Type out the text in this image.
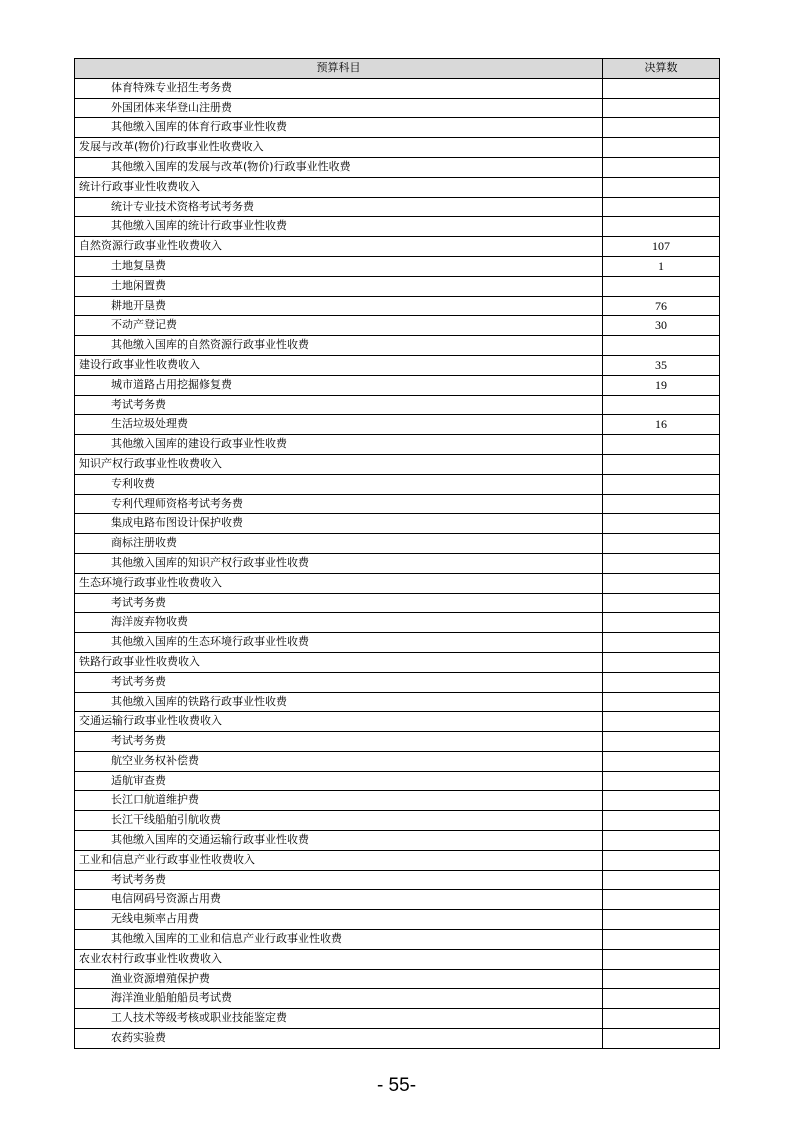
预算科目	决算数
体育特殊专业招生考务费	
外国团体来华登山注册费	
其他缴入国库的体育行政事业性收费	
发展与改革(物价)行政事业性收费收入	
其他缴入国库的发展与改革(物价)行政事业性收费	
统计行政事业性收费收入	
统计专业技术资格考试考务费	
其他缴入国库的统计行政事业性收费	
自然资源行政事业性收费收入	107
土地复垦费	1
土地闲置费	
耕地开垦费	76
不动产登记费	30
其他缴入国库的自然资源行政事业性收费	
建设行政事业性收费收入	35
城市道路占用挖掘修复费	19
考试考务费	
生活垃圾处理费	16
其他缴入国库的建设行政事业性收费	
知识产权行政事业性收费收入	
专利收费	
专利代理师资格考试考务费	
集成电路布图设计保护收费	
商标注册收费	
其他缴入国库的知识产权行政事业性收费	
生态环境行政事业性收费收入	
考试考务费	
海洋废弃物收费	
其他缴入国库的生态环境行政事业性收费	
铁路行政事业性收费收入	
考试考务费	
其他缴入国库的铁路行政事业性收费	
交通运输行政事业性收费收入	
考试考务费	
航空业务权补偿费	
适航审查费	
长江口航道维护费	
长江干线船舶引航收费	
其他缴入国库的交通运输行政事业性收费	
工业和信息产业行政事业性收费收入	
考试考务费	
电信网码号资源占用费	
无线电频率占用费	
其他缴入国库的工业和信息产业行政事业性收费	
农业农村行政事业性收费收入	
渔业资源增殖保护费	
海洋渔业船舶船员考试费	
工人技术等级考核或职业技能鉴定费	
农药实验费	
- 55-
